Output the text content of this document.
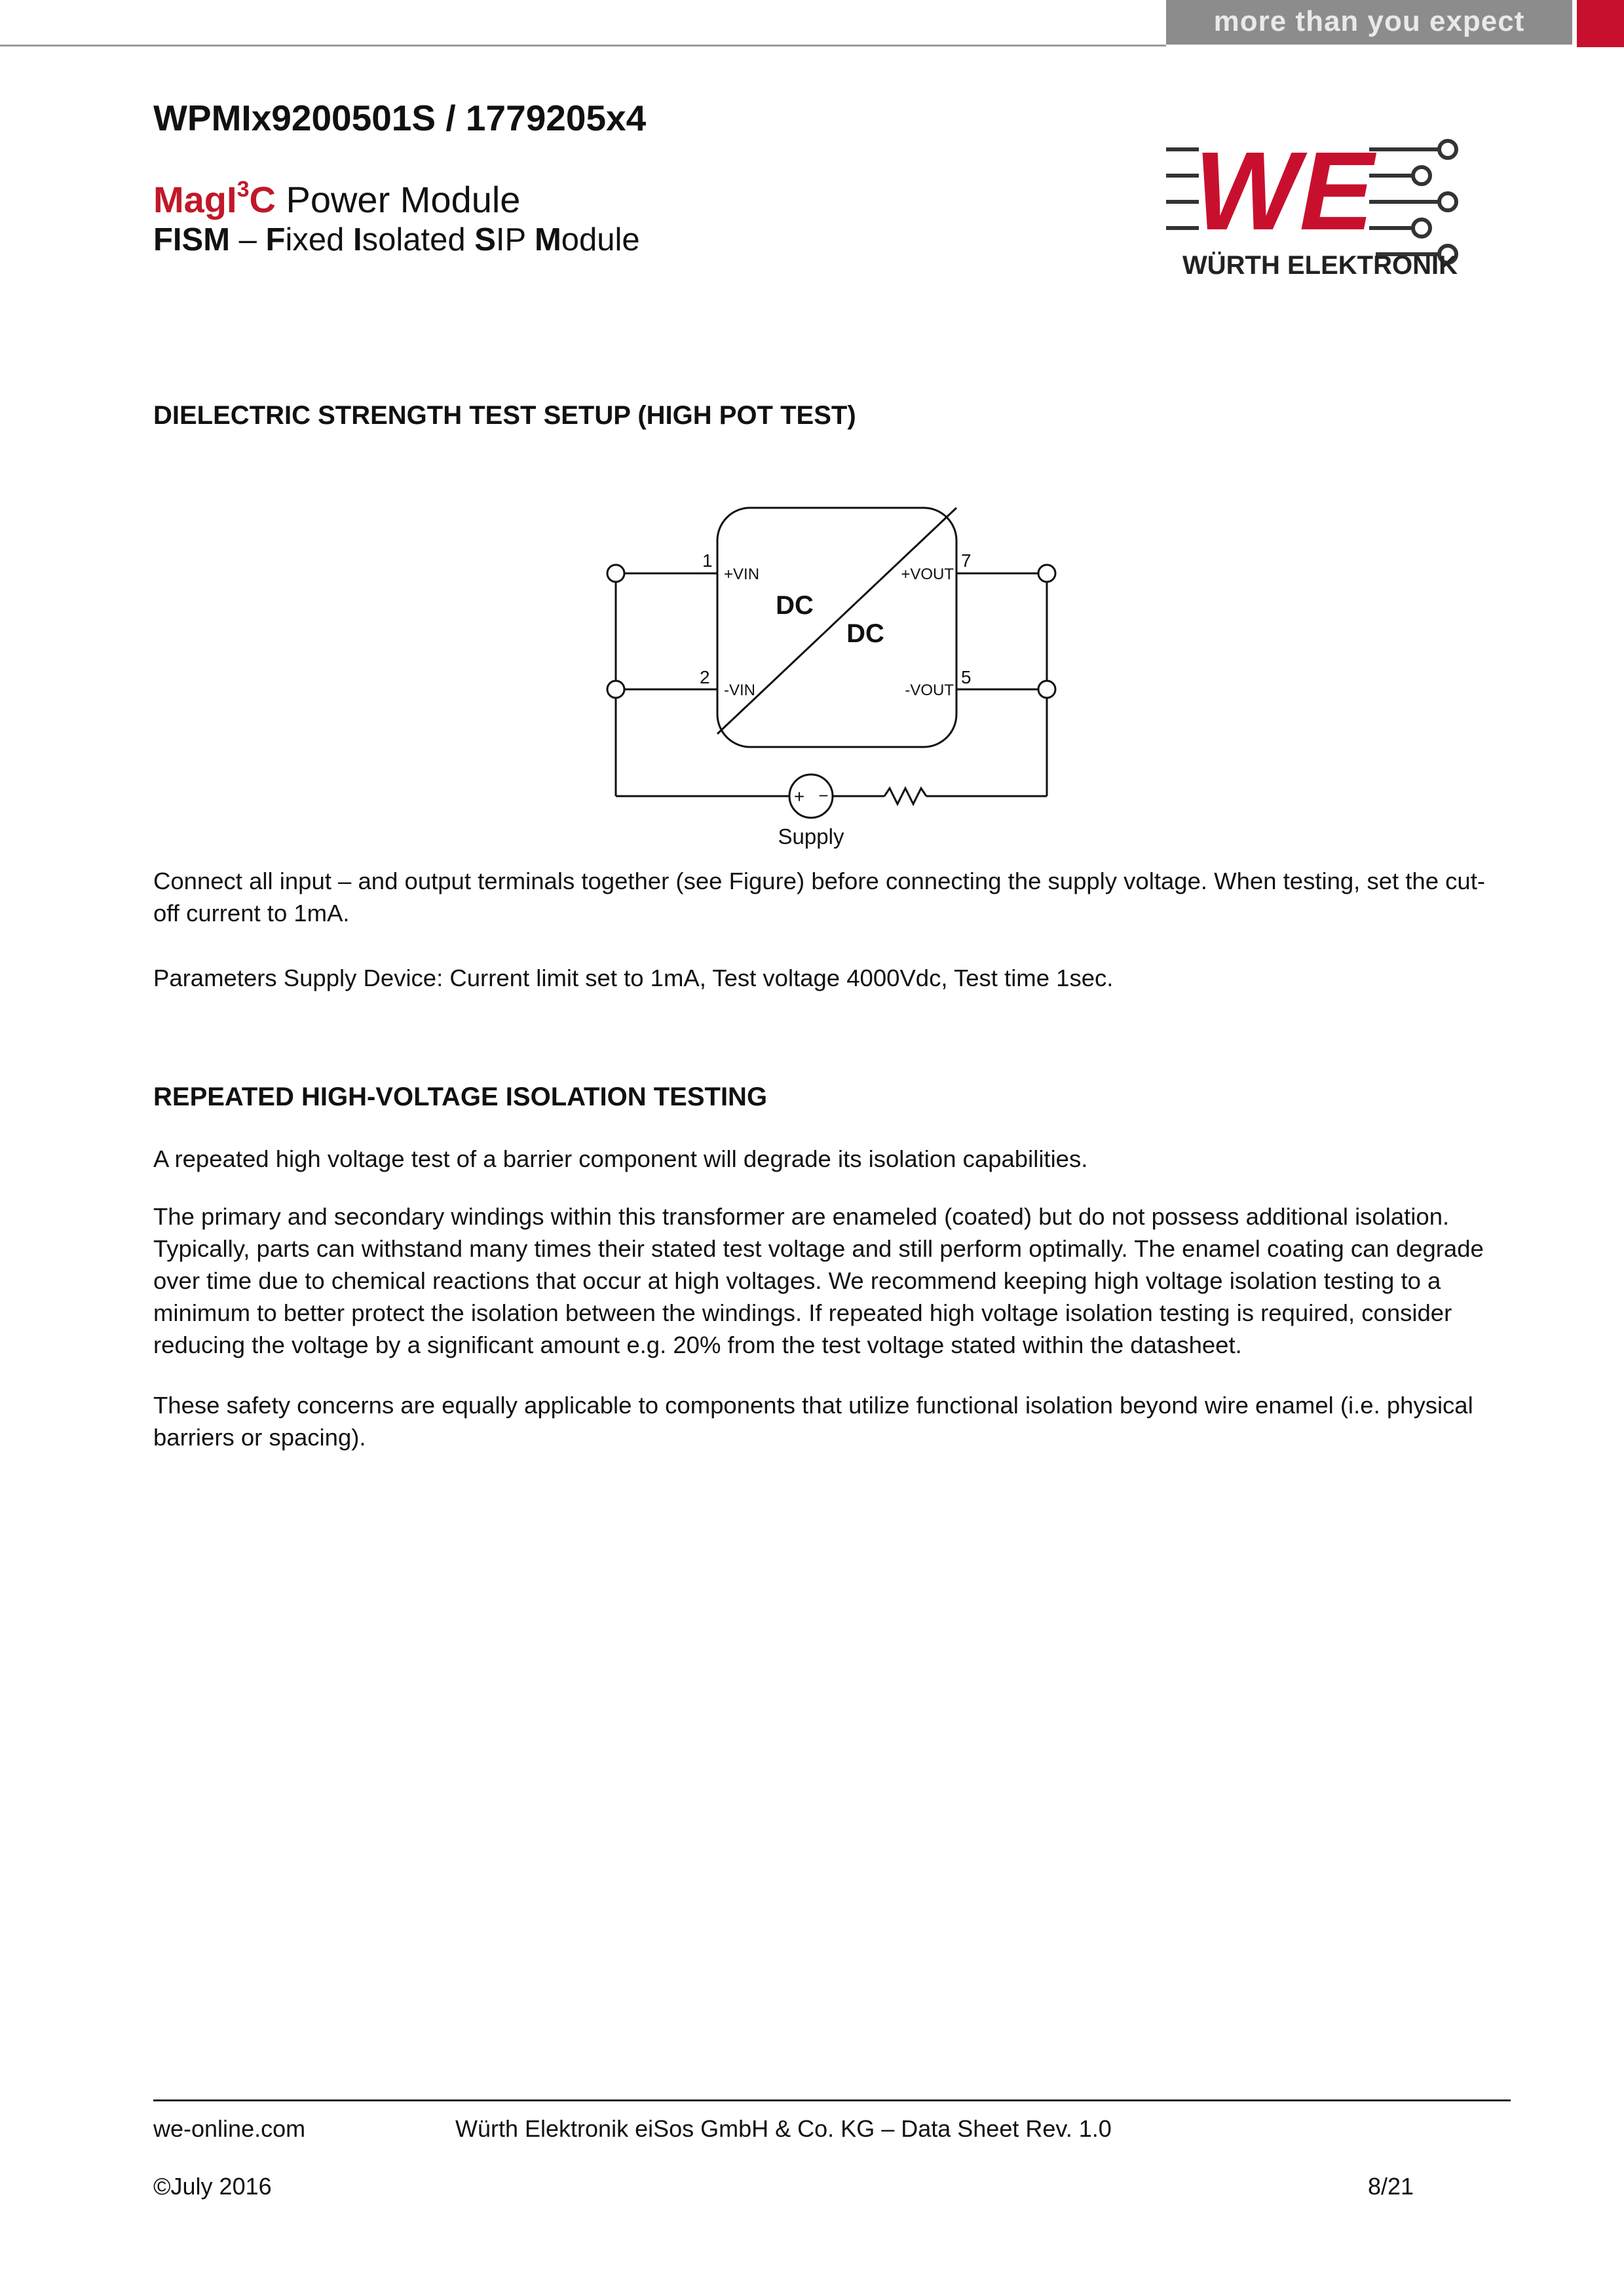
more than you expect
WPMIx9200501S / 1779205x4
MagI$^3$C Power Module
FISM – Fixed Isolated SIP Module	WE
WÜRTH ELEKTRONIK
DIELECTRIC STRENGTH TEST SETUP (HIGH POT TEST)
1
2
7
5
+VIN
-VIN
+VOUT
-VOUT
DC
DC
+ −
Supply
Connect all input – and output terminals together (see Figure) before connecting the supply voltage. When testing, set the cut-off current to 1mA.
Parameters Supply Device: Current limit set to 1mA, Test voltage 4000Vdc, Test time 1sec.
REPEATED HIGH-VOLTAGE ISOLATION TESTING
A repeated high voltage test of a barrier component will degrade its isolation capabilities.
The primary and secondary windings within this transformer are enameled (coated) but do not possess additional isolation. Typically, parts can withstand many times their stated test voltage and still perform optimally. The enamel coating can degrade over time due to chemical reactions that occur at high voltages. We recommend keeping high voltage isolation testing to a minimum to better protect the isolation between the windings. If repeated high voltage isolation testing is required, consider reducing the voltage by a significant amount e.g. 20% from the test voltage stated within the datasheet.
These safety concerns are equally applicable to components that utilize functional isolation beyond wire enamel (i.e. physical barriers or spacing).
we-online.com	Würth Elektronik eiSos GmbH & Co. KG – Data Sheet Rev. 1.0
©July 2016	8/21
